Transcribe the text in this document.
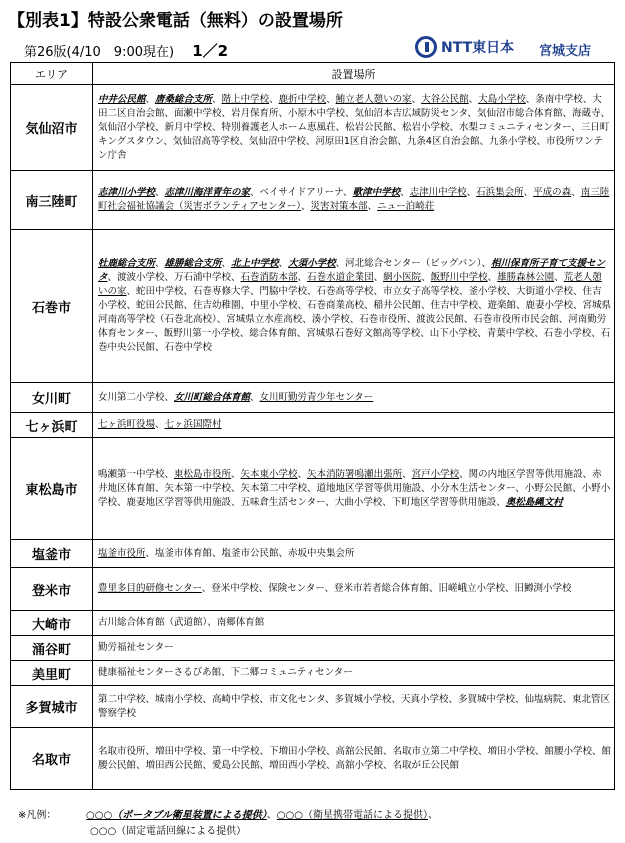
【別表1】特設公衆電話（無料）の設置場所
第26版(4/10　9:00現在) 1／2	NTT東日本 宮城支店
エリア	設置場所
気仙沼市	中井公民館、唐桑総合支所、階上中学校、鹿折中学校、鮪立老人憩いの家、大谷公民館、大島小学校、条南中学校、大田二区自治会館、面瀬中学校、岩月保育所、小原木中学校、気仙沼本吉広域防災センタ、気仙沼市総合体育館、海蔵寺、気仙沼小学校、新月中学校、特別養護老人ホーム恵風荘、松岩公民館、松岩小学校、水梨コミュニティセンター、三日町キングスタウン、気仙沼高等学校、気仙沼中学校、河原田1区自治会館、九条4区自治会館、九条小学校、市役所ワンテン庁舎
南三陸町	志津川小学校、志津川海洋青年の家、ベイサイドアリーナ、歌津中学校、志津川中学校、石浜集会所、平成の森、南三陸町社会福祉協議会（災害ボランティアセンター）、災害対策本部、ニュー泊崎荘
石巻市	牡鹿総合支所、雄勝総合支所、北上中学校、大須小学校、河北総合センター（ビッグバン）、相川保育所子育て支援センタ、渡波小学校、万石浦中学校、石巻消防本部、石巻水道企業団、網小医院、飯野川中学校、雄勝森林公園、荒老人憩いの家、蛇田中学校、石巻専修大学、門脇中学校、石巻高等学校、市立女子高等学校、釜小学校、大街道小学校、住吉小学校、蛇田公民館、住吉幼稚園、中里小学校、石巻商業高校、稲井公民館、住吉中学校、遊楽館、鹿妻小学校、宮城県河南高等学校（石巻北高校）、宮城県立水産高校、湊小学校、石巻市役所、渡波公民館、石巻市役所市民会館、河南勤労体育センター、飯野川第一小学校、総合体育館、宮城県石巻好文館高等学校、山下小学校、青葉中学校、石巻小学校、石巻中央公民館、石巻中学校
女川町	女川第二小学校、女川町総合体育館、女川町勤労青少年センター
七ヶ浜町	七ヶ浜町役場、七ヶ浜国際村
東松島市	鳴瀬第一中学校、東松島市役所、矢本東小学校、矢本消防署鳴瀬出張所、宮戸小学校、関の内地区学習等供用施設、赤井地区体育館、矢本第一中学校、矢本第二中学校、道地地区学習等供用施設、小分木生活センター、小野公民館、小野小学校、鹿妻地区学習等供用施設、五味倉生活センター、大曲小学校、下町地区学習等供用施設、奥松島縄文村
塩釜市	塩釜市役所、塩釜市体育館、塩釜市公民館、赤坂中央集会所
登米市	豊里多目的研修センター、登米中学校、保険センター、登米市若者総合体育館、旧嵯峨立小学校、旧鱒渕小学校
大崎市	古川総合体育館（武道館）、南郷体育館
涌谷町	勤労福祉センター
美里町	健康福祉センターさるびあ館、下二郷コミュニティセンター
多賀城市	第二中学校、城南小学校、高崎中学校、市文化センタ、多賀城小学校、天真小学校、多賀城中学校、仙塩病院、東北管区警察学校
名取市	名取市役所、増田中学校、第一中学校、下増田小学校、高舘公民館、名取市立第二中学校、増田小学校、館腰小学校、館腰公民館、増田西公民館、愛島公民館、増田西小学校、高舘小学校、名取が丘公民館
※凡例：	○○○（ポータブル衛星装置による提供）、○○○（衛星携帯電話による提供）、
○○○（固定電話回線による提供）
